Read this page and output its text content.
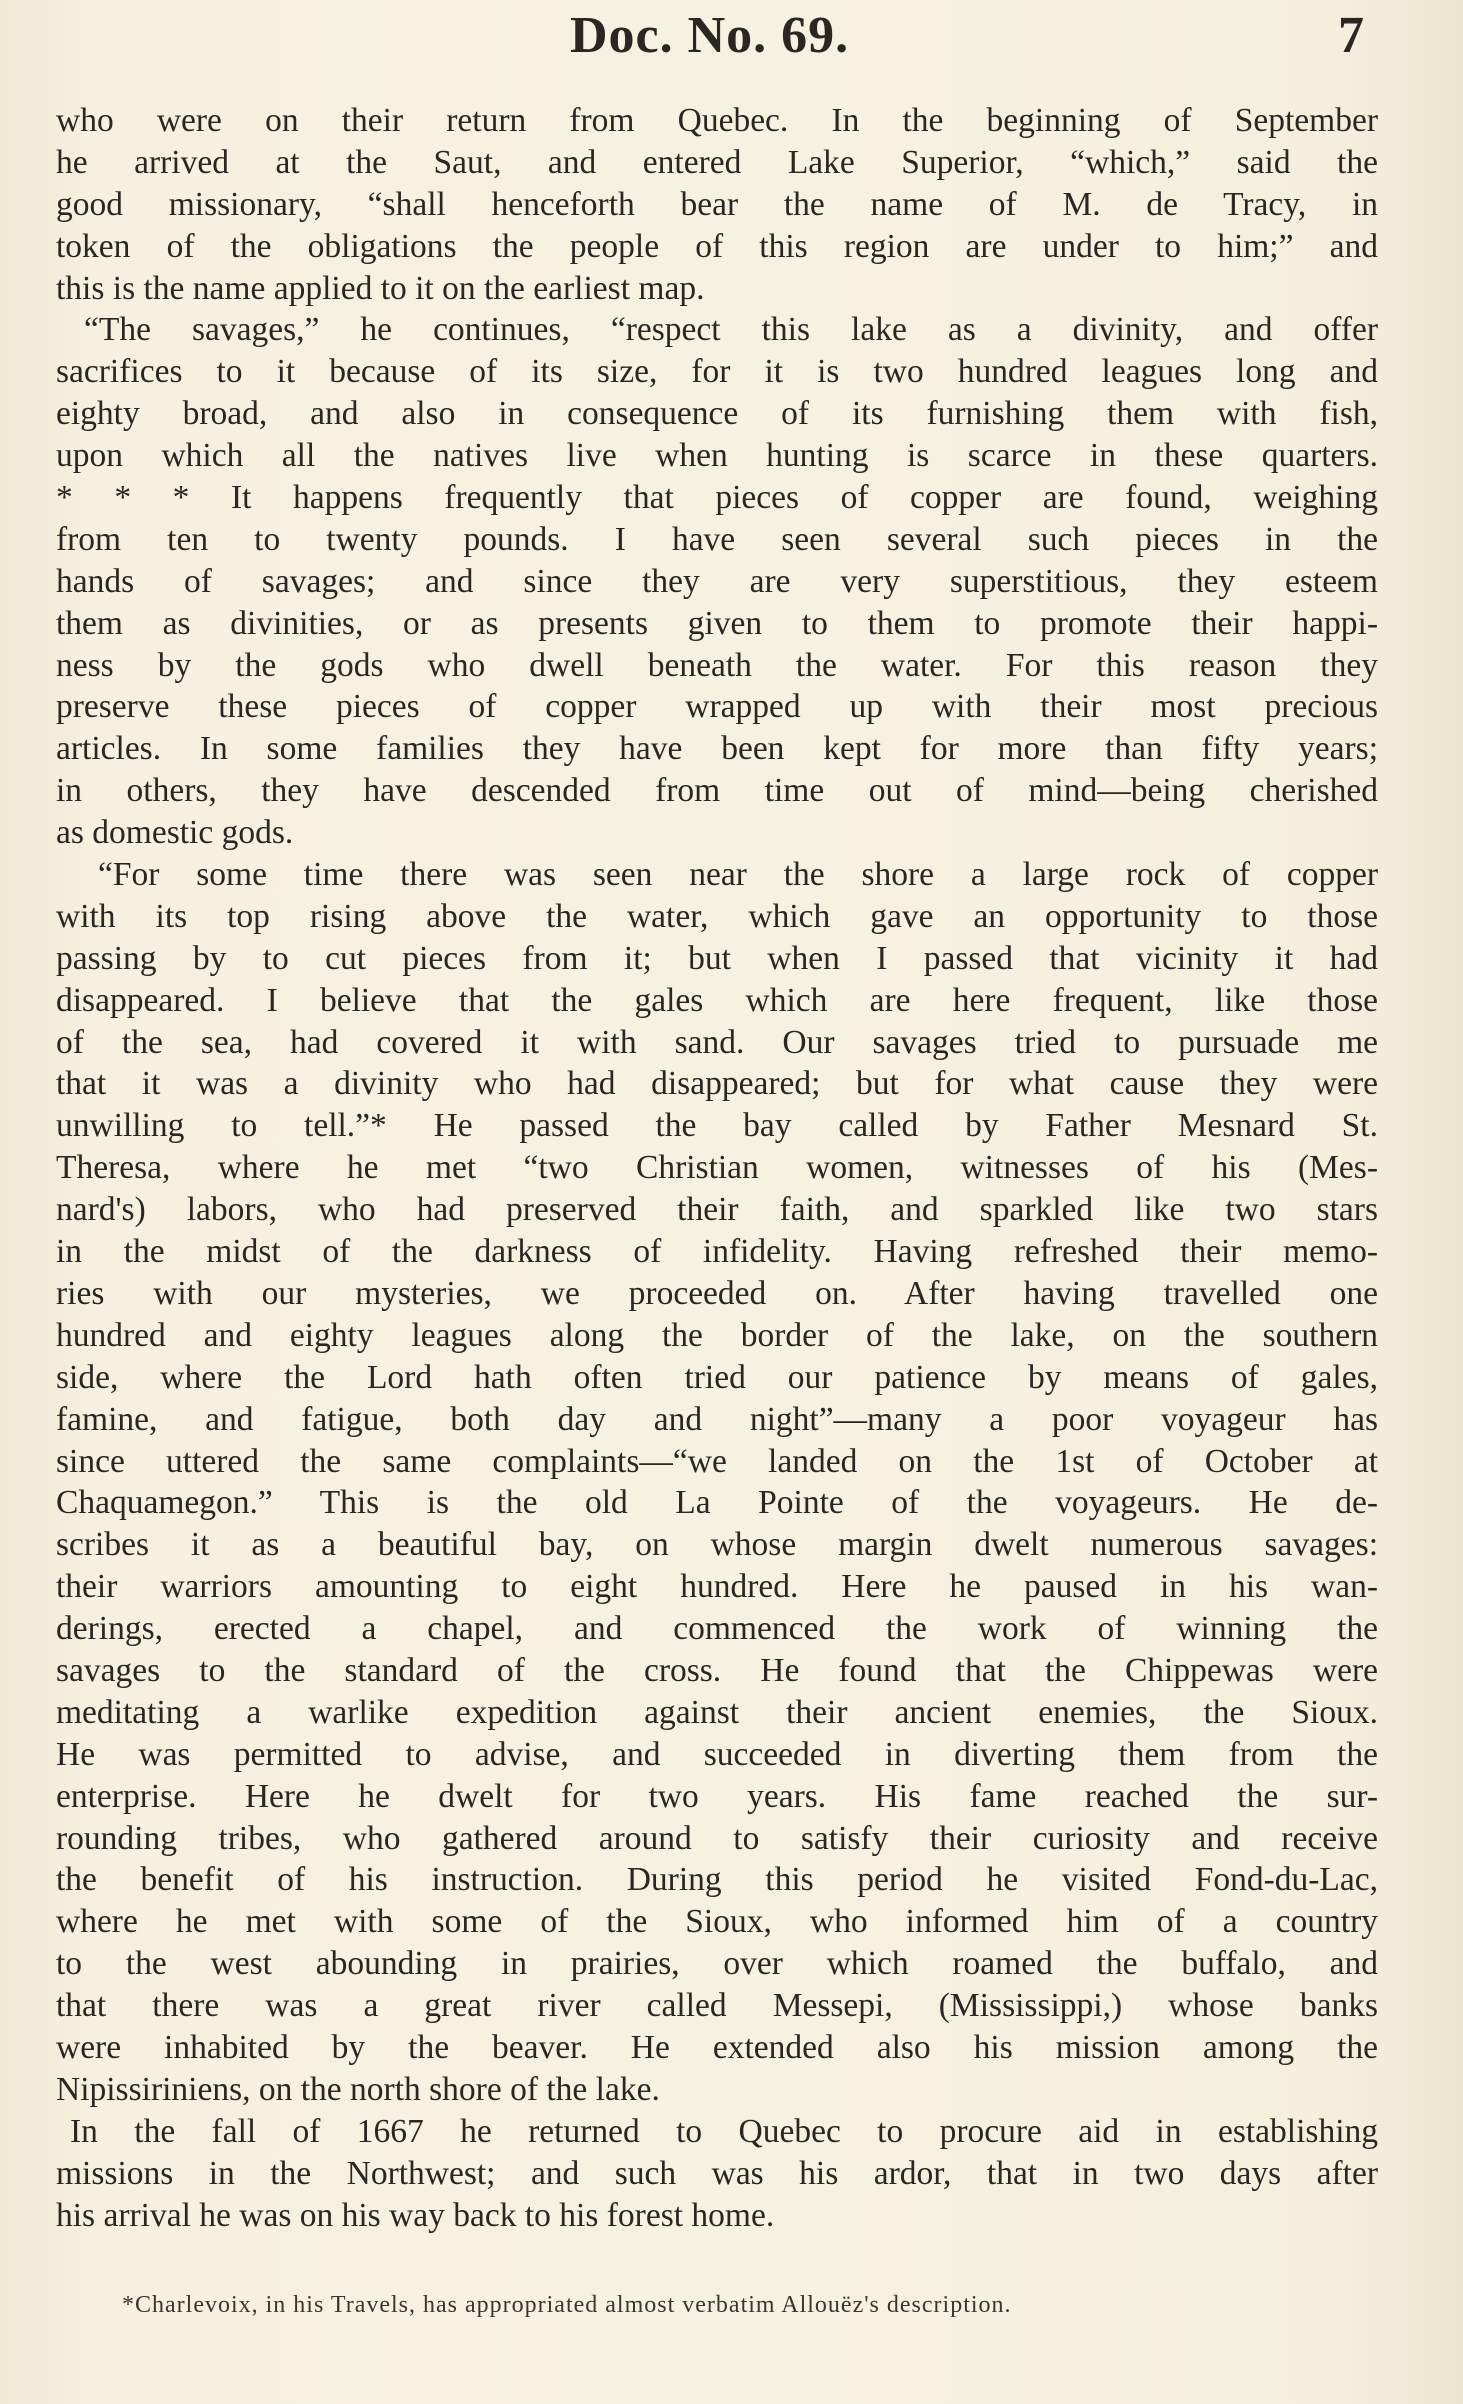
Doc. No. 69.	7
who were on their return from Quebec. In the beginning of September
he arrived at the Saut, and entered Lake Superior, “which,” said the
good missionary, “shall henceforth bear the name of M. de Tracy, in
token of the obligations the people of this region are under to him;” and
this is the name applied to it on the earliest map.
“The savages,” he continues, “respect this lake as a divinity, and offer
sacrifices to it because of its size, for it is two hundred leagues long and
eighty broad, and also in consequence of its furnishing them with fish,
upon which all the natives live when hunting is scarce in these quarters.
* * * It happens frequently that pieces of copper are found, weighing
from ten to twenty pounds. I have seen several such pieces in the
hands of savages; and since they are very superstitious, they esteem
them as divinities, or as presents given to them to promote their happi-
ness by the gods who dwell beneath the water. For this reason they
preserve these pieces of copper wrapped up with their most precious
articles. In some families they have been kept for more than fifty years;
in others, they have descended from time out of mind—being cherished
as domestic gods.
“For some time there was seen near the shore a large rock of copper
with its top rising above the water, which gave an opportunity to those
passing by to cut pieces from it; but when I passed that vicinity it had
disappeared. I believe that the gales which are here frequent, like those
of the sea, had covered it with sand. Our savages tried to pursuade me
that it was a divinity who had disappeared; but for what cause they were
unwilling to tell.”* He passed the bay called by Father Mesnard St.
Theresa, where he met “two Christian women, witnesses of his (Mes-
nard's) labors, who had preserved their faith, and sparkled like two stars
in the midst of the darkness of infidelity. Having refreshed their memo-
ries with our mysteries, we proceeded on. After having travelled one
hundred and eighty leagues along the border of the lake, on the southern
side, where the Lord hath often tried our patience by means of gales,
famine, and fatigue, both day and night”—many a poor voyageur has
since uttered the same complaints—“we landed on the 1st of October at
Chaquamegon.” This is the old La Pointe of the voyageurs. He de-
scribes it as a beautiful bay, on whose margin dwelt numerous savages:
their warriors amounting to eight hundred. Here he paused in his wan-
derings, erected a chapel, and commenced the work of winning the
savages to the standard of the cross. He found that the Chippewas were
meditating a warlike expedition against their ancient enemies, the Sioux.
He was permitted to advise, and succeeded in diverting them from the
enterprise. Here he dwelt for two years. His fame reached the sur-
rounding tribes, who gathered around to satisfy their curiosity and receive
the benefit of his instruction. During this period he visited Fond-du-Lac,
where he met with some of the Sioux, who informed him of a country
to the west abounding in prairies, over which roamed the buffalo, and
that there was a great river called Messepi, (Mississippi,) whose banks
were inhabited by the beaver. He extended also his mission among the
Nipissiriniens, on the north shore of the lake.
In the fall of 1667 he returned to Quebec to procure aid in establishing
missions in the Northwest; and such was his ardor, that in two days after
his arrival he was on his way back to his forest home.
*Charlevoix, in his Travels, has appropriated almost verbatim Allouëz's description.
